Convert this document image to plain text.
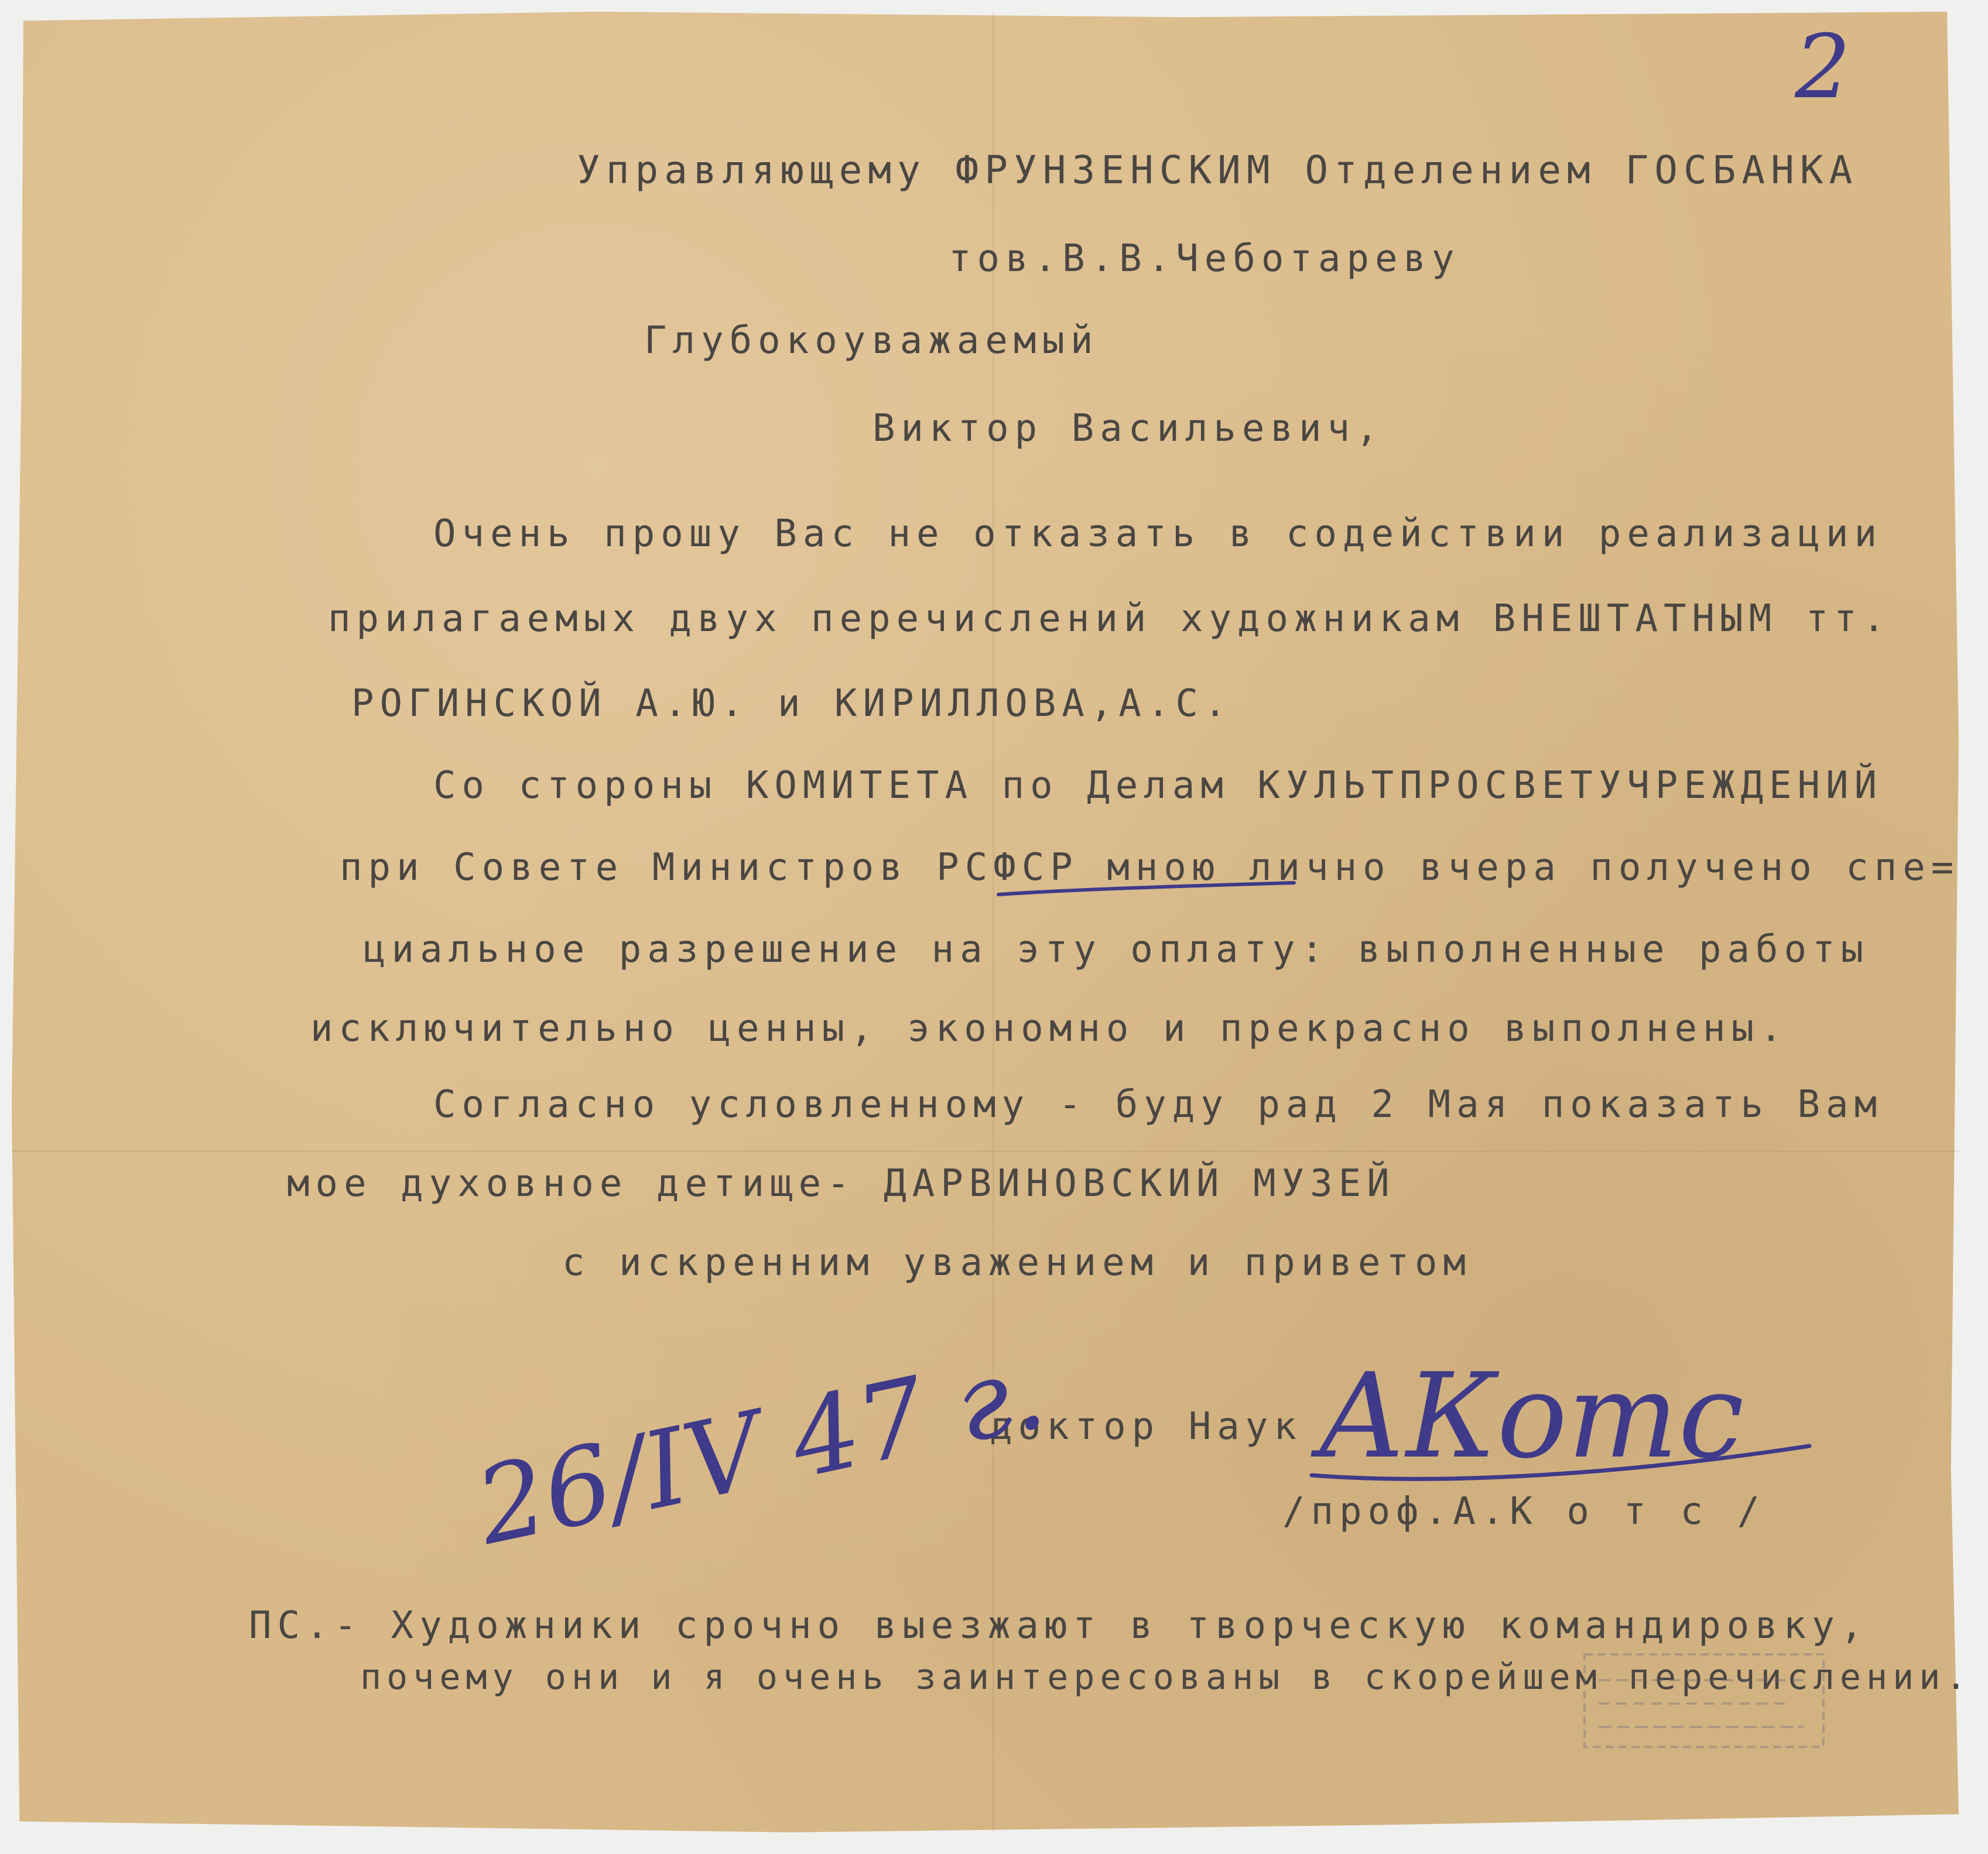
2

Управляющему ФРУНЗЕНСКИМ Отделением ГОСБАНКА

тов.В.В.Чеботареву

Глубокоуважаемый

Виктор Васильевич,

Очень прошу Вас не отказать в содействии реализации

прилагаемых двух перечислений художникам ВНЕШТАТНЫМ тт.

РОГИНСКОЙ А.Ю. и КИРИЛЛОВА,А.С.

Со стороны КОМИТЕТА по Делам КУЛЬТПРОСВЕТУЧРЕЖДЕНИЙ

при Совете Министров РСФСР мною лично вчера получено спе=

циальное разрешение на эту оплату: выполненные работы

исключительно ценны, экономно и прекрасно выполнены.

Согласно условленному - буду рад 2 Мая показать Вам

мое духовное детище- ДАРВИНОВСКИЙ МУЗЕЙ

с искренним уважением и приветом

доктор Наук АКотс

/проф.А.К о т с /

26/IV 47 г.

ПС.- Художники срочно выезжают в творческую командировку,

почему они и я очень заинтересованы в скорейшем перечислении.
